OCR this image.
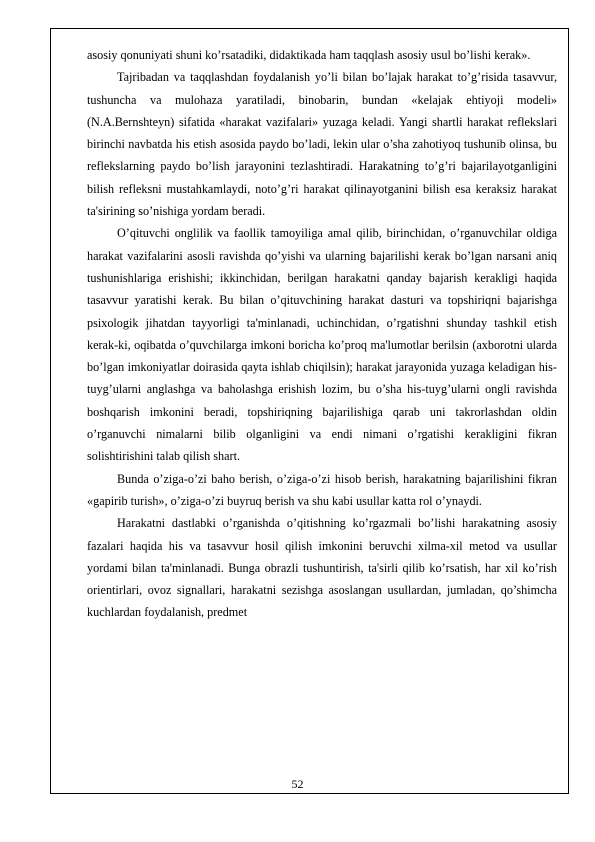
asosiy qonuniyati shuni ko’rsatadiki, didaktikada ham taqqlash asosiy usul bo’lishi kerak».

Tajribadan va taqqlashdan foydalanish yo’li bilan bo’lajak harakat to’g’risida tasavvur, tushuncha va mulohaza yaratiladi, binobarin, bundan «kelajak ehtiyoji modeli» (N.A.Bernshteyn) sifatida «harakat vazifalari» yuzaga keladi. Yangi shartli harakat reflekslari birinchi navbatda his etish asosida paydo bo’ladi, lekin ular o’sha zahotiyoq tushunib olinsa, bu reflekslarning paydo bo’lish jarayonini tezlashtiradi. Harakatning to’g’ri bajarilayotganligini bilish refleksni mustahkamlaydi, noto’g’ri harakat qilinayotganini bilish esa keraksiz harakat ta'sirining so’nishiga yordam beradi.

O’qituvchi onglilik va faollik tamoyiliga amal qilib, birinchidan, o’rganuvchilar oldiga harakat vazifalarini asosli ravishda qo’yishi va ularning bajarilishi kerak bo’lgan narsani aniq tushunishlariga erishishi; ikkinchidan, berilgan harakatni qanday bajarish kerakligi haqida tasavvur yaratishi kerak. Bu bilan o’qituvchining harakat dasturi va topshiriqni bajarishga psixologik jihatdan tayyorligi ta'minlanadi, uchinchidan, o’rgatishni shunday tashkil etish kerak-ki, oqibatda o’quvchilarga imkoni boricha ko’proq ma'lumotlar berilsin (axborotni ularda bo’lgan imkoniyatlar doirasida qayta ishlab chiqilsin); harakat jarayonida yuzaga keladigan his-tuyg’ularni anglashga va baholashga erishish lozim, bu o’sha his-tuyg’ularni ongli ravishda boshqarish imkonini beradi, topshiriqning bajarilishiga qarab uni takrorlashdan oldin o’rganuvchi nimalarni bilib olganligini va endi nimani o’rgatishi kerakligini fikran solishtirishini talab qilish shart.

Bunda o’ziga-o’zi baho berish, o’ziga-o’zi hisob berish, harakatning bajarilishini fikran «gapirib turish», o’ziga-o’zi buyruq berish va shu kabi usullar katta rol o’ynaydi.

Harakatni dastlabki o’rganishda o’qitishning ko’rgazmali bo’lishi harakatning asosiy fazalari haqida his va tasavvur hosil qilish imkonini beruvchi xilma-xil metod va usullar yordami bilan ta'minlanadi. Bunga obrazli tushuntirish, ta'sirli qilib ko’rsatish, har xil ko’rish orientirlari, ovoz signallari, harakatni sezishga asoslangan usullardan, jumladan, qo’shimcha kuchlardan foydalanish, predmet

52
